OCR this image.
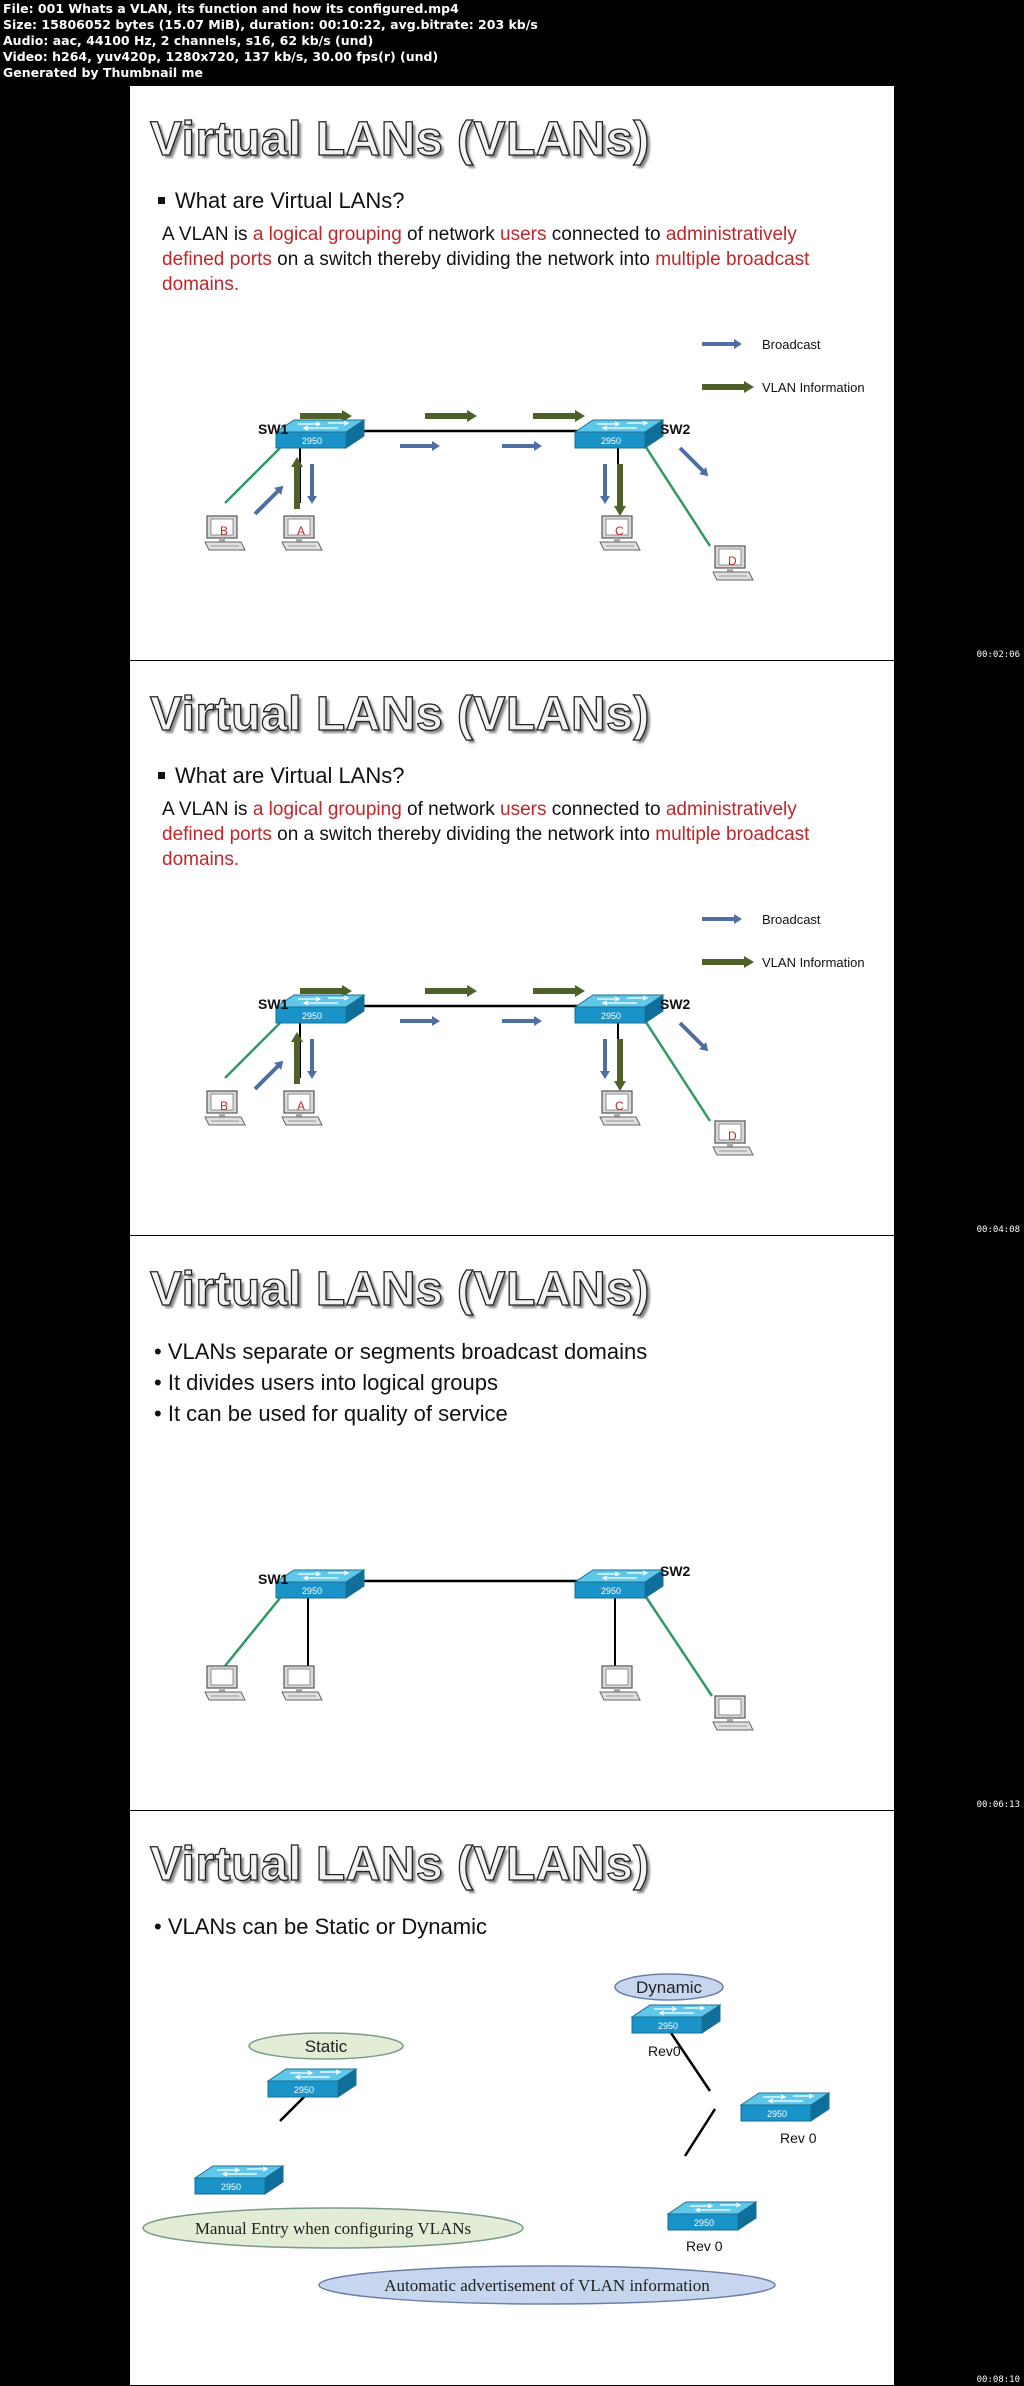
File: 001 Whats a VLAN, its function and how its configured.mp4
Size: 15806052 bytes (15.07 MiB), duration: 00:10:22, avg.bitrate: 203 kb/s
Audio: aac, 44100 Hz, 2 channels, s16, 62 kb/s (und)
Video: h264, yuv420p, 1280x720, 137 kb/s, 30.00 fps(r) (und)
Generated by Thumbnail me
00:02:06
00:04:08
00:06:13
00:08:10
Virtual LANs (VLANs)
What are Virtual LANs?
A VLAN is a logical grouping of network users connected to administratively defined ports on a switch thereby dividing the network into multiple broadcast domains.
Broadcast
VLAN Information
SW1	SW2
B	A	C
D
Virtual LANs (VLANs)
What are Virtual LANs?
A VLAN is a logical grouping of network users connected to administratively defined ports on a switch thereby dividing the network into multiple broadcast domains.
Broadcast
VLAN Information
SW1	SW2
B	A	C
D
Virtual LANs (VLANs)
• VLANs separate or segments broadcast domains
• It divides users into logical groups
• It can be used for quality of service
SW1	SW2
Virtual LANs (VLANs)
• VLANs can be Static or Dynamic
Static
Dynamic
Rev0
Rev 0
Rev 0
Manual Entry when configuring VLANs
Automatic advertisement of VLAN information
